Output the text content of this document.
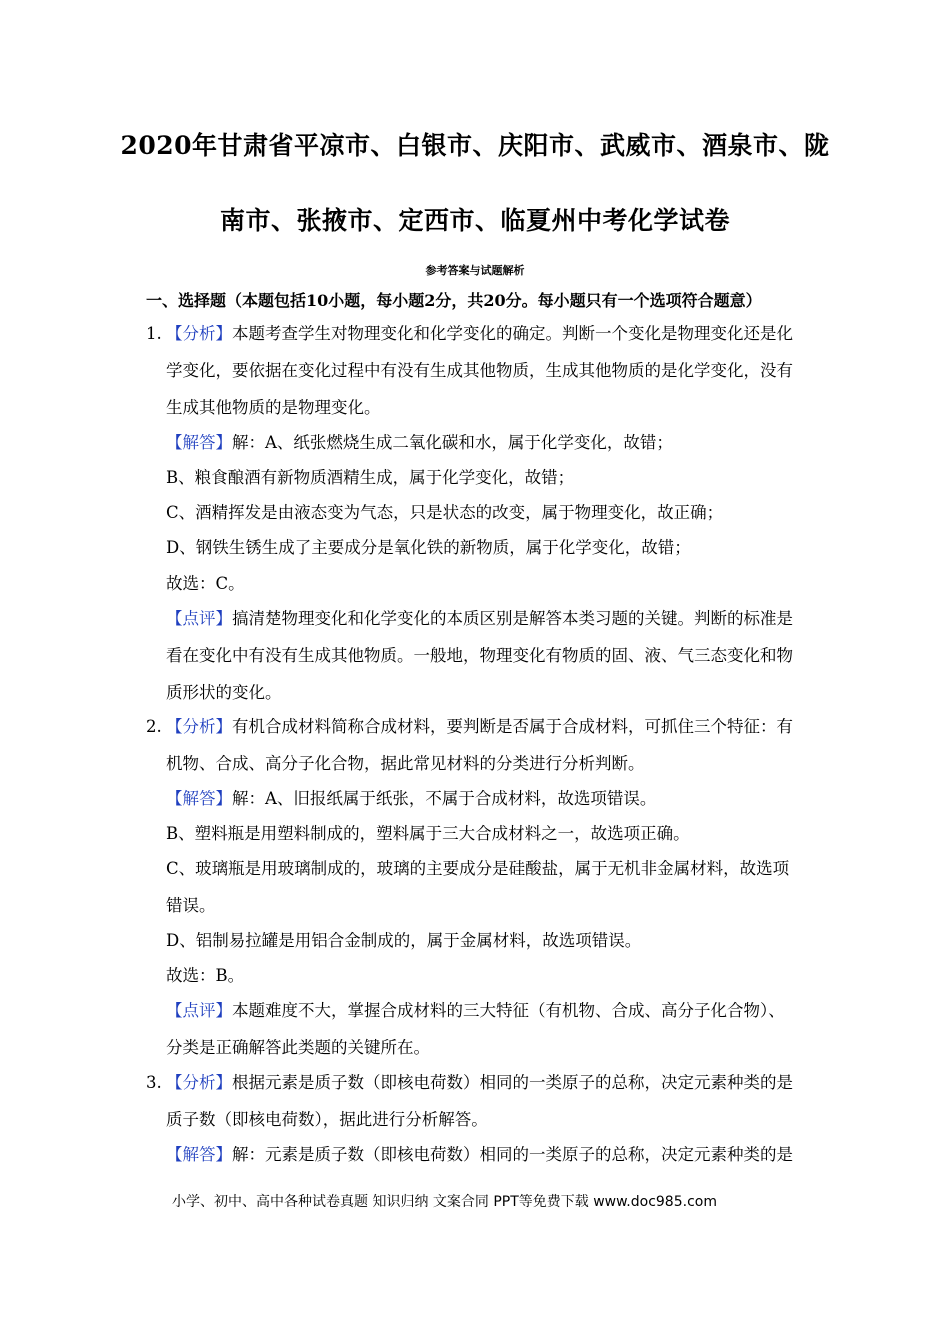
2020年甘肃省平凉市、白银市、庆阳市、武威市、酒泉市、陇
南市、张掖市、定西市、临夏州中考化学试卷
参考答案与试题解析
一、选择题（本题包括10小题，每小题2分，共20分。每小题只有一个选项符合题意）
1. 【分析】本题考查学生对物理变化和化学变化的确定。判断一个变化是物理变化还是化
学变化，要依据在变化过程中有没有生成其他物质，生成其他物质的是化学变化，没有
生成其他物质的是物理变化。
【解答】解：A、纸张燃烧生成二氧化碳和水，属于化学变化，故错；
B、粮食酿酒有新物质酒精生成，属于化学变化，故错；
C、酒精挥发是由液态变为气态，只是状态的改变，属于物理变化，故正确；
D、钢铁生锈生成了主要成分是氧化铁的新物质，属于化学变化，故错；
故选：C。
【点评】搞清楚物理变化和化学变化的本质区别是解答本类习题的关键。判断的标准是
看在变化中有没有生成其他物质。一般地，物理变化有物质的固、液、气三态变化和物
质形状的变化。
2. 【分析】有机合成材料简称合成材料，要判断是否属于合成材料，可抓住三个特征：有
机物、合成、高分子化合物，据此常见材料的分类进行分析判断。
【解答】解：A、旧报纸属于纸张，不属于合成材料，故选项错误。
B、塑料瓶是用塑料制成的，塑料属于三大合成材料之一，故选项正确。
C、玻璃瓶是用玻璃制成的，玻璃的主要成分是硅酸盐，属于无机非金属材料，故选项
错误。
D、铝制易拉罐是用铝合金制成的，属于金属材料，故选项错误。
故选：B。
【点评】本题难度不大，掌握合成材料的三大特征（有机物、合成、高分子化合物）、
分类是正确解答此类题的关键所在。
3. 【分析】根据元素是质子数（即核电荷数）相同的一类原子的总称，决定元素种类的是
质子数（即核电荷数），据此进行分析解答。
【解答】解：元素是质子数（即核电荷数）相同的一类原子的总称，决定元素种类的是
小学、初中、高中各种试卷真题 知识归纳 文案合同 PPT等免费下载 www.doc985.com
